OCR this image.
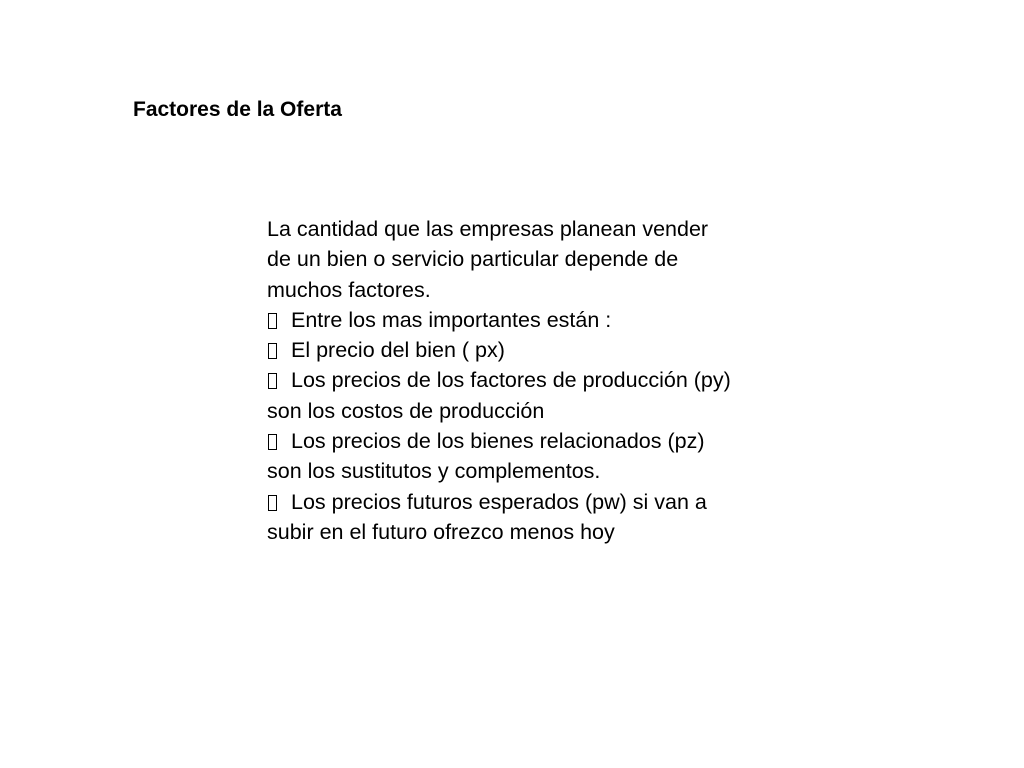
Factores de la Oferta

La cantidad que las empresas planean vender de un bien o servicio particular depende de muchos factores.

Entre los mas importantes están :

El precio del bien ( px)

Los precios de los factores de producción (py) son los costos de producción

Los precios de los bienes relacionados (pz) son los sustitutos y complementos.

Los precios futuros esperados (pw) si van a subir en el futuro ofrezco menos hoy
